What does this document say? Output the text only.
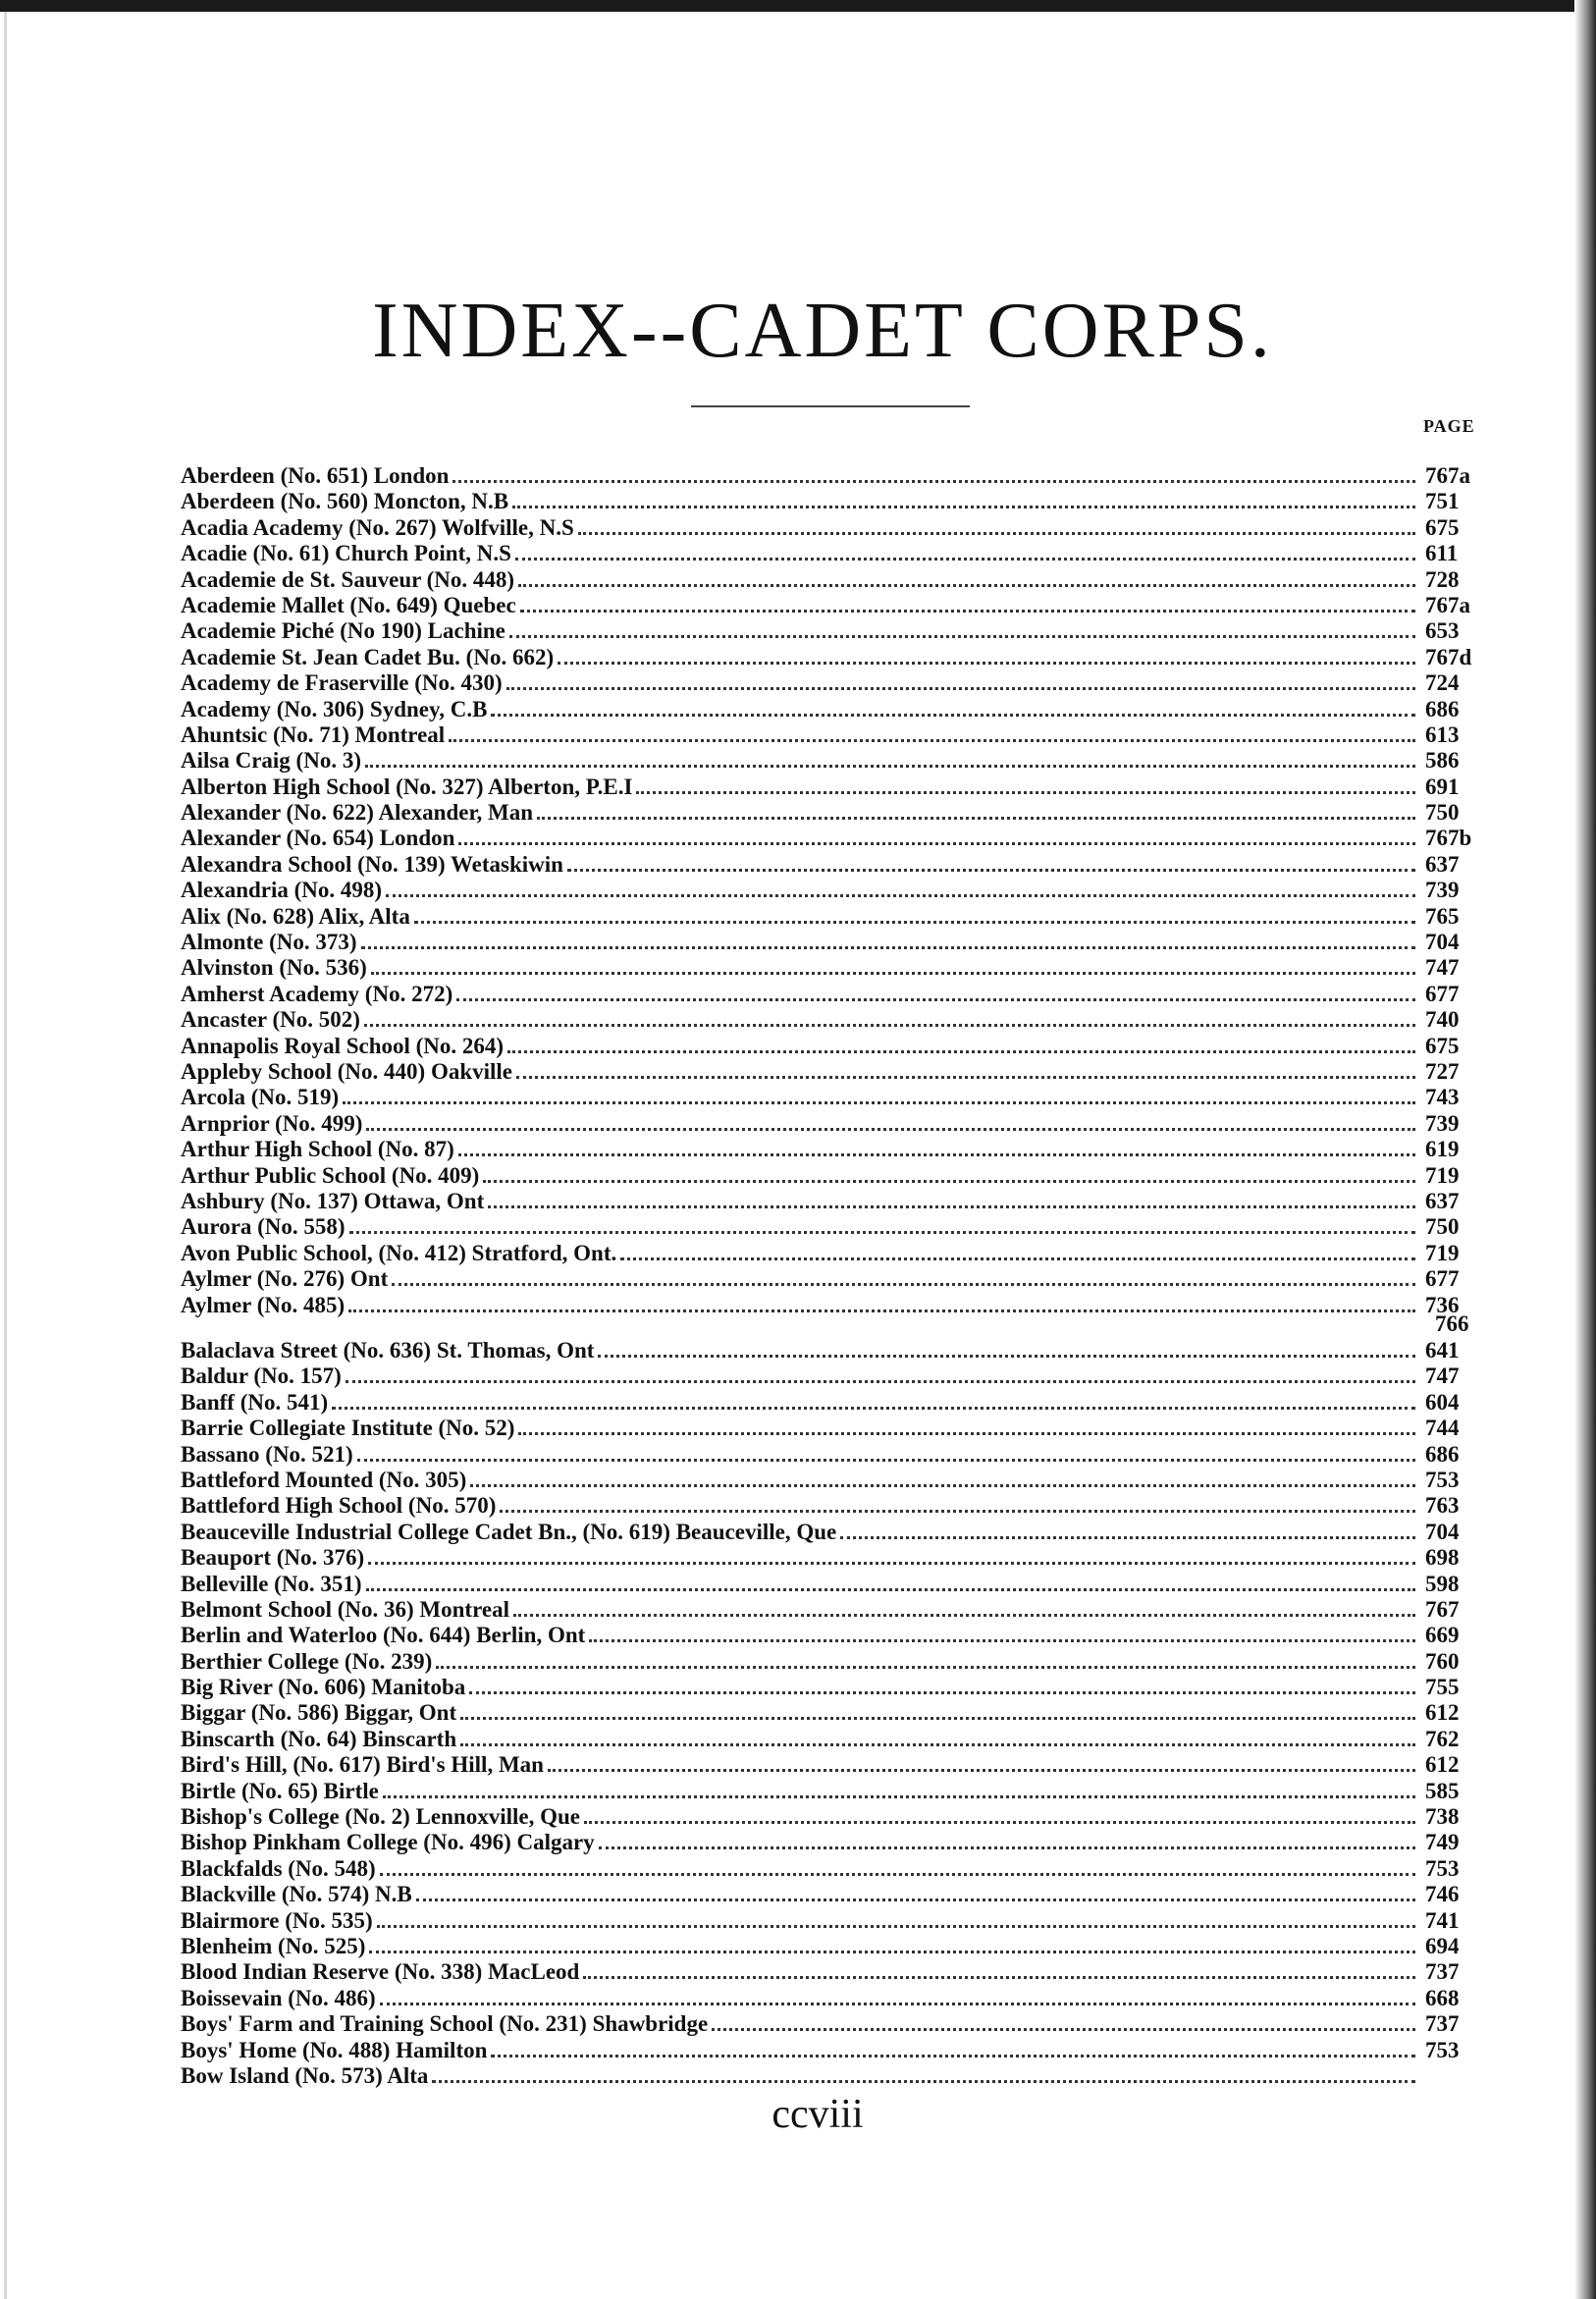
INDEX--CADET CORPS.
PAGE
Aberdeen (No. 651) London	767a
Aberdeen (No. 560) Moncton, N.B	751
Acadia Academy (No. 267) Wolfville, N.S	675
Acadie (No. 61) Church Point, N.S	611
Academie de St. Sauveur (No. 448)	728
Academie Mallet (No. 649) Quebec	767a
Academie Piché (No 190) Lachine	653
Academie St. Jean Cadet Bu. (No. 662)	767d
Academy de Fraserville (No. 430)	724
Academy (No. 306) Sydney, C.B	686
Ahuntsic (No. 71) Montreal	613
Ailsa Craig (No. 3)	586
Alberton High School (No. 327) Alberton, P.E.I	691
Alexander (No. 622) Alexander, Man	750
Alexander (No. 654) London	767b
Alexandra School (No. 139) Wetaskiwin	637
Alexandria (No. 498)	739
Alix (No. 628) Alix, Alta	765
Almonte (No. 373)	704
Alvinston (No. 536)	747
Amherst Academy (No. 272)	677
Ancaster (No. 502)	740
Annapolis Royal School (No. 264)	675
Appleby School (No. 440) Oakville	727
Arcola (No. 519)	743
Arnprior (No. 499)	739
Arthur High School (No. 87)	619
Arthur Public School (No. 409)	719
Ashbury (No. 137) Ottawa, Ont	637
Aurora (No. 558)	750
Avon Public School, (No. 412) Stratford, Ont.	719
Aylmer (No. 276) Ont	677
Aylmer (No. 485)	736
766
Balaclava Street (No. 636) St. Thomas, Ont	641
Baldur (No. 157)	747
Banff (No. 541)	604
Barrie Collegiate Institute (No. 52)	744
Bassano (No. 521)	686
Battleford Mounted (No. 305)	753
Battleford High School (No. 570)	763
Beauceville Industrial College Cadet Bn., (No. 619) Beauceville, Que	704
Beauport (No. 376)	698
Belleville (No. 351)	598
Belmont School (No. 36) Montreal	767
Berlin and Waterloo (No. 644) Berlin, Ont	669
Berthier College (No. 239)	760
Big River (No. 606) Manitoba	755
Biggar (No. 586) Biggar, Ont	612
Binscarth (No. 64) Binscarth	762
Bird's Hill, (No. 617) Bird's Hill, Man	612
Birtle (No. 65) Birtle	585
Bishop's College (No. 2) Lennoxville, Que	738
Bishop Pinkham College (No. 496) Calgary	749
Blackfalds (No. 548)	753
Blackville (No. 574) N.B	746
Blairmore (No. 535)	741
Blenheim (No. 525)	694
Blood Indian Reserve (No. 338) MacLeod	737
Boissevain (No. 486)	668
Boys' Farm and Training School (No. 231) Shawbridge	737
Boys' Home (No. 488) Hamilton	753
Bow Island (No. 573) Alta
ccviii
